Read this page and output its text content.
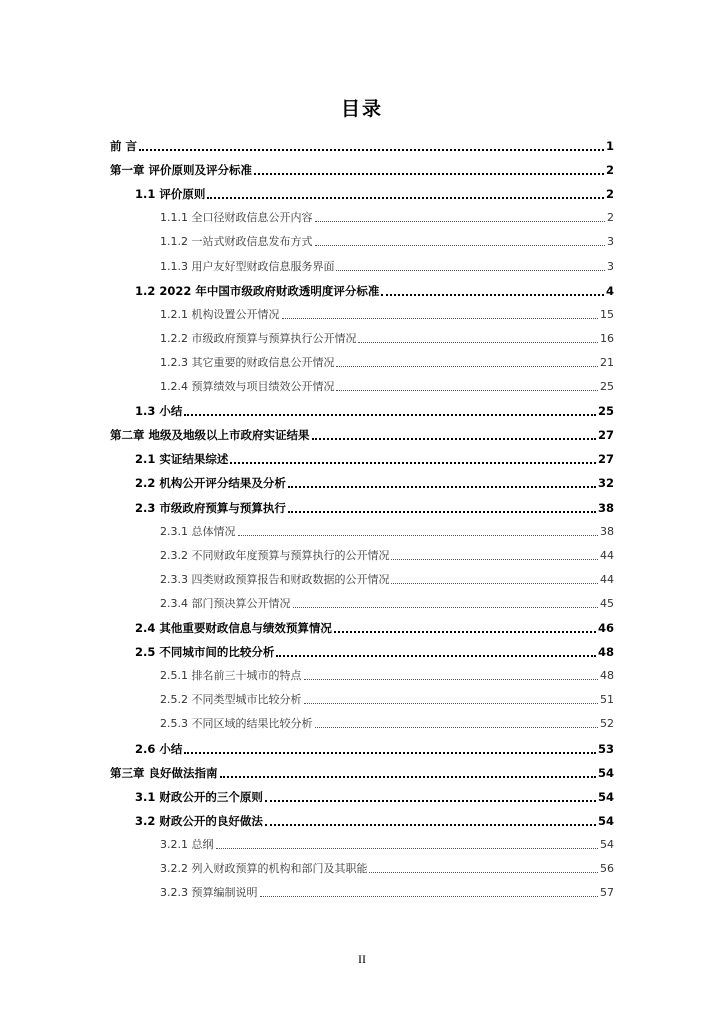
目录
前 言	1
第一章 评价原则及评分标准	2
1.1 评价原则	2
1.1.1 全口径财政信息公开内容	2
1.1.2 一站式财政信息发布方式	3
1.1.3 用户友好型财政信息服务界面	3
1.2 2022 年中国市级政府财政透明度评分标准	4
1.2.1 机构设置公开情况	15
1.2.2 市级政府预算与预算执行公开情况	16
1.2.3 其它重要的财政信息公开情况	21
1.2.4 预算绩效与项目绩效公开情况	25
1.3 小结	25
第二章 地级及地级以上市政府实证结果	27
2.1 实证结果综述	27
2.2 机构公开评分结果及分析	32
2.3 市级政府预算与预算执行	38
2.3.1 总体情况	38
2.3.2 不同财政年度预算与预算执行的公开情况	44
2.3.3 四类财政预算报告和财政数据的公开情况	44
2.3.4 部门预决算公开情况	45
2.4 其他重要财政信息与绩效预算情况	46
2.5 不同城市间的比较分析	48
2.5.1 排名前三十城市的特点	48
2.5.2 不同类型城市比较分析	51
2.5.3 不同区域的结果比较分析	52
2.6 小结	53
第三章 良好做法指南	54
3.1 财政公开的三个原则	54
3.2 财政公开的良好做法	54
3.2.1 总纲	54
3.2.2 列入财政预算的机构和部门及其职能	56
3.2.3 预算编制说明	57
II
